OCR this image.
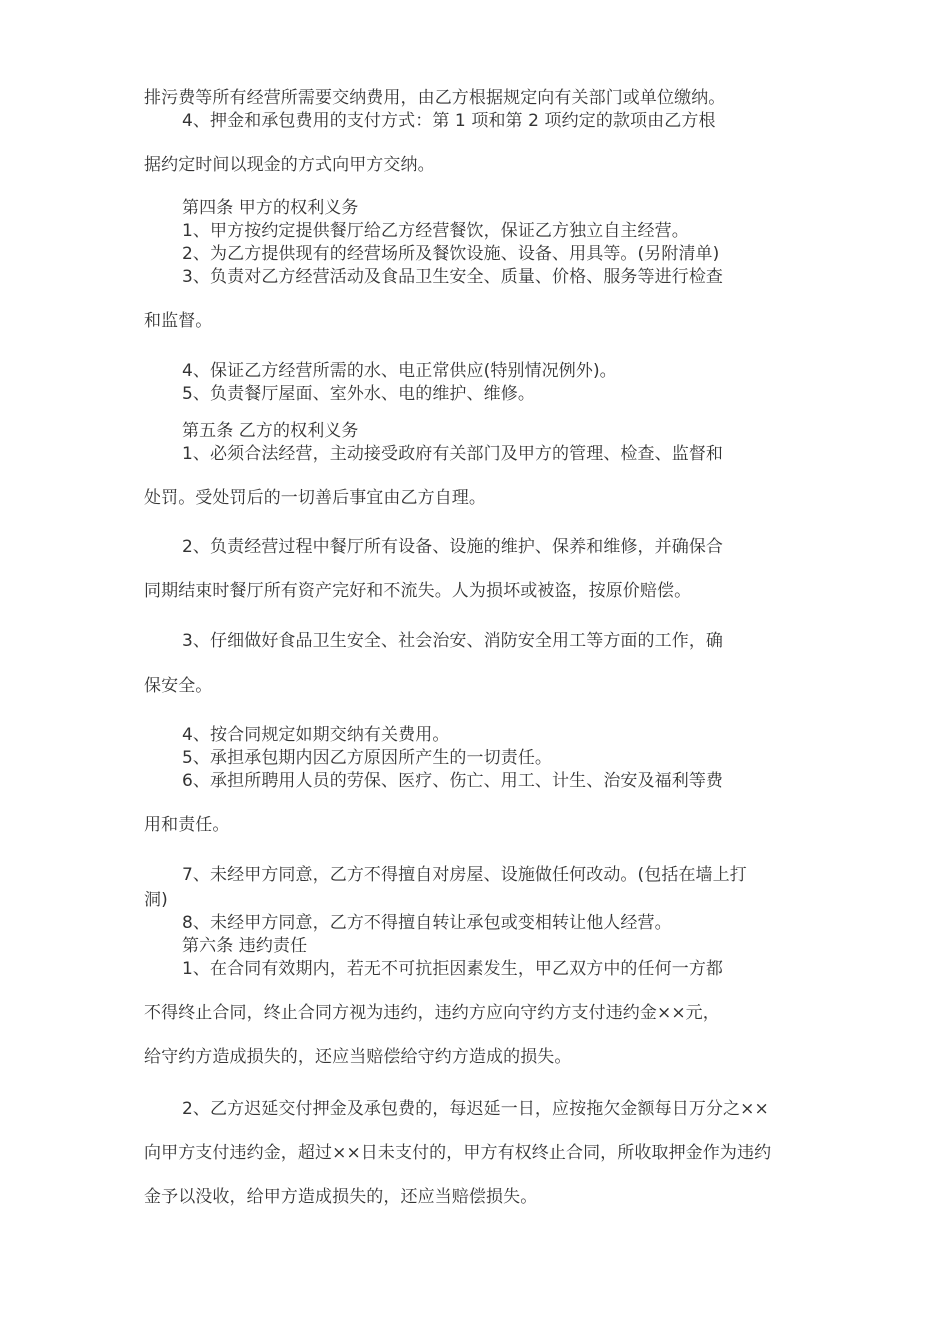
排污费等所有经营所需要交纳费用，由乙方根据规定向有关部门或单位缴纳。
4、押金和承包费用的支付方式：第 1 项和第 2 项约定的款项由乙方根
据约定时间以现金的方式向甲方交纳。
第四条 甲方的权利义务
1、甲方按约定提供餐厅给乙方经营餐饮，保证乙方独立自主经营。
2、为乙方提供现有的经营场所及餐饮设施、设备、用具等。(另附清单)
3、负责对乙方经营活动及食品卫生安全、质量、价格、服务等进行检查
和监督。
4、保证乙方经营所需的水、电正常供应(特别情况例外)。
5、负责餐厅屋面、室外水、电的维护、维修。
第五条 乙方的权利义务
1、必须合法经营，主动接受政府有关部门及甲方的管理、检查、监督和
处罚。受处罚后的一切善后事宜由乙方自理。
2、负责经营过程中餐厅所有设备、设施的维护、保养和维修，并确保合
同期结束时餐厅所有资产完好和不流失。人为损坏或被盗，按原价赔偿。
3、仔细做好食品卫生安全、社会治安、消防安全用工等方面的工作，确
保安全。
4、按合同规定如期交纳有关费用。
5、承担承包期内因乙方原因所产生的一切责任。
6、承担所聘用人员的劳保、医疗、伤亡、用工、计生、治安及福利等费
用和责任。
7、未经甲方同意，乙方不得擅自对房屋、设施做任何改动。(包括在墙上打
洞)
8、未经甲方同意，乙方不得擅自转让承包或变相转让他人经营。
第六条 违约责任
1、在合同有效期内，若无不可抗拒因素发生，甲乙双方中的任何一方都
不得终止合同，终止合同方视为违约，违约方应向守约方支付违约金××元，
给守约方造成损失的，还应当赔偿给守约方造成的损失。
2、乙方迟延交付押金及承包费的，每迟延一日，应按拖欠金额每日万分之××
向甲方支付违约金，超过××日未支付的，甲方有权终止合同，所收取押金作为违约
金予以没收，给甲方造成损失的，还应当赔偿损失。
